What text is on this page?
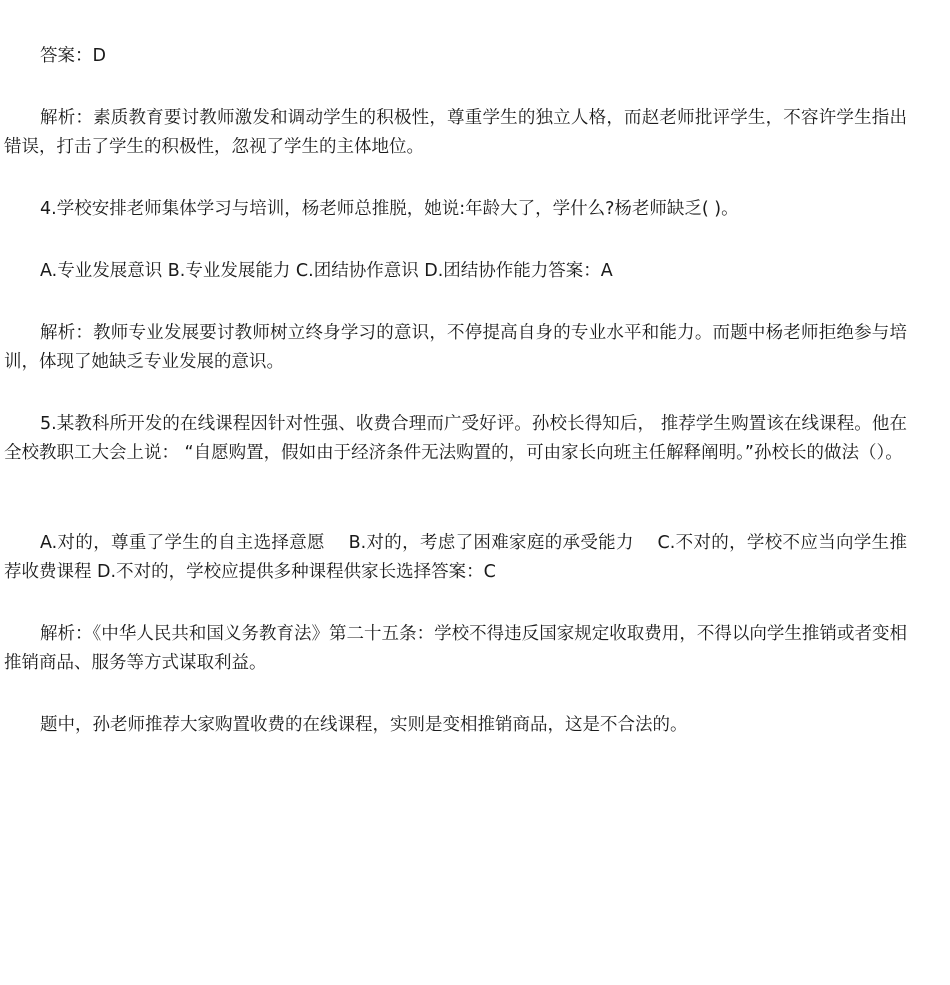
答案：D

解析：素质教育要讨教师激发和调动学生的积极性，尊重学生的独立人格，而赵老师批评学生，不容许学生指出错误，打击了学生的积极性，忽视了学生的主体地位。

4.学校安排老师集体学习与培训，杨老师总推脱，她说:年龄大了，学什么?杨老师缺乏( )。

A.专业发展意识 B.专业发展能力 C.团结协作意识 D.团结协作能力答案：A

解析：教师专业发展要讨教师树立终身学习的意识，不停提高自身的专业水平和能力。而题中杨老师拒绝参与培训，体现了她缺乏专业发展的意识。

5.某教科所开发的在线课程因针对性强、收费合理而广受好评。孙校长得知后， 推荐学生购置该在线课程。他在全校教职工大会上说： “自愿购置，假如由于经济条件无法购置的，可由家长向班主任解释阐明。”孙校长的做法（）。

A.对的，尊重了学生的自主选择意愿　 B.对的，考虑了困难家庭的承受能力　 C.不对的，学校不应当向学生推荐收费课程 D.不对的，学校应提供多种课程供家长选择答案：C

解析：《中华人民共和国义务教育法》第二十五条：学校不得违反国家规定收取费用，不得以向学生推销或者变相推销商品、服务等方式谋取利益。

题中，孙老师推荐大家购置收费的在线课程，实则是变相推销商品，这是不合法的。
